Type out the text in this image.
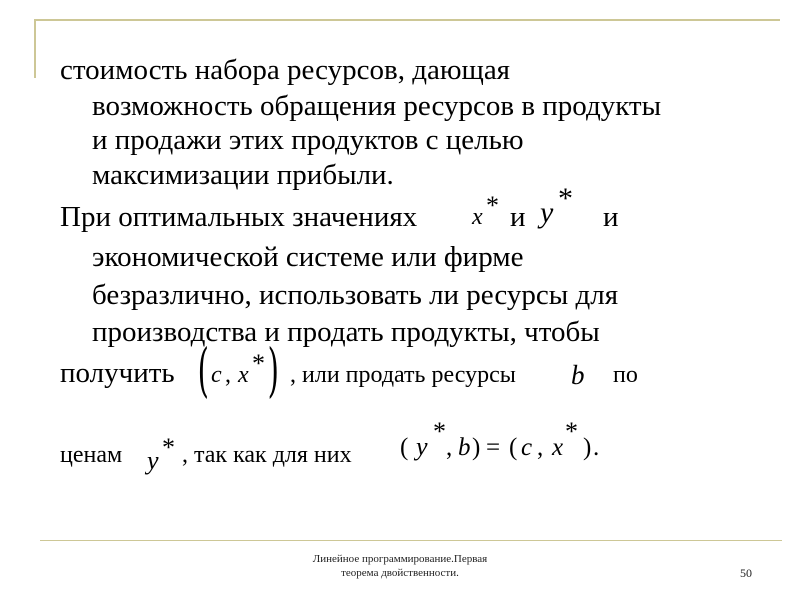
стоимость набора ресурсов, дающая
возможность обращения ресурсов в продукты
и продажи этих продуктов с целью
максимизации прибыли.
При оптимальных значениях x * и y *
и
экономической системе или фирме
безразлично, использовать ли ресурсы для
производства и продать продукты, чтобы
получить ( c , x * ) , или продать ресурсы b по
ценам y * , так как для них ( y
*
, b ) = ( c , x
*
) .
Линейное программирование.Первая
теорема двойственности.	50
